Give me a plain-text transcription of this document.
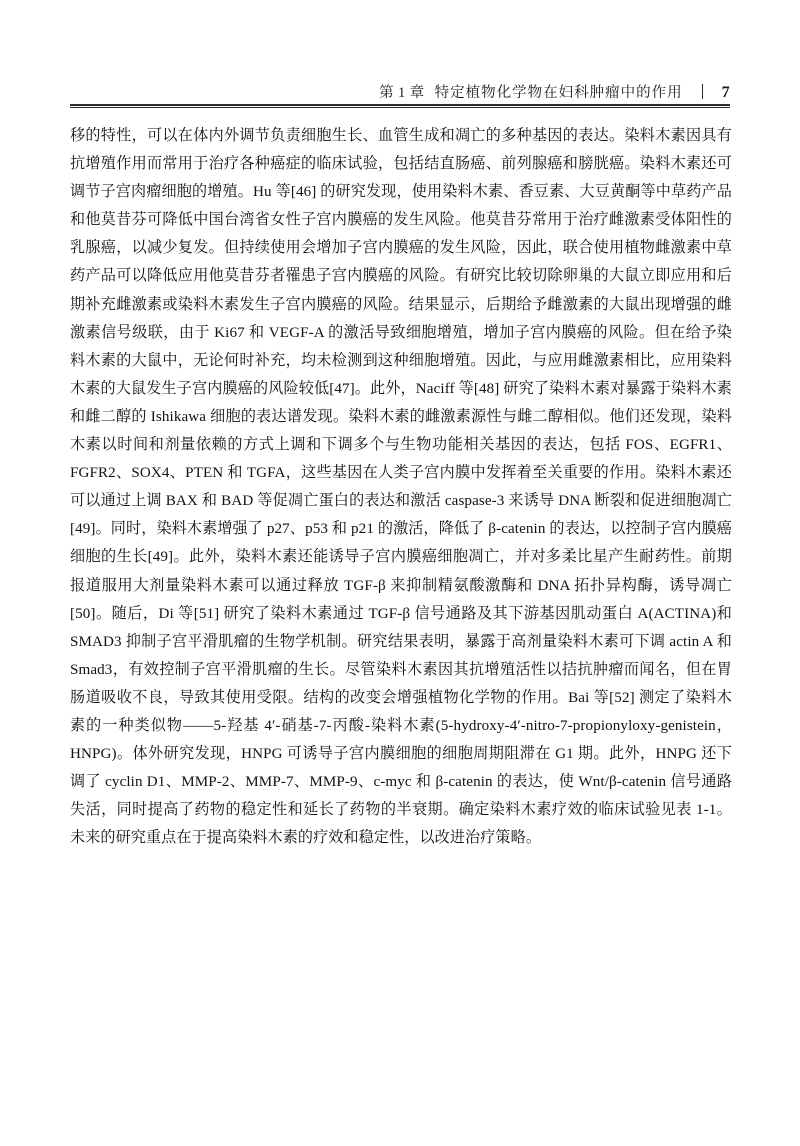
第 1 章 特定植物化学物在妇科肿瘤中的作用 7

移的特性，可以在体内外调节负责细胞生长、血管生成和凋亡的多种基因的表达。染料木素因具有抗增殖作用而常用于治疗各种癌症的临床试验，包括结直肠癌、前列腺癌和膀胱癌。染料木素还可调节子宫肉瘤细胞的增殖。Hu 等[46] 的研究发现，使用染料木素、香豆素、大豆黄酮等中草药产品和他莫昔芬可降低中国台湾省女性子宫内膜癌的发生风险。他莫昔芬常用于治疗雌激素受体阳性的乳腺癌，以减少复发。但持续使用会增加子宫内膜癌的发生风险，因此，联合使用植物雌激素中草药产品可以降低应用他莫昔芬者罹患子宫内膜癌的风险。有研究比较切除卵巢的大鼠立即应用和后期补充雌激素或染料木素发生子宫内膜癌的风险。结果显示，后期给予雌激素的大鼠出现增强的雌激素信号级联，由于 Ki67 和 VEGF-A 的激活导致细胞增殖，增加子宫内膜癌的风险。但在给予染料木素的大鼠中，无论何时补充，均未检测到这种细胞增殖。因此，与应用雌激素相比，应用染料木素的大鼠发生子宫内膜癌的风险较低[47]。此外，Naciff 等[48] 研究了染料木素对暴露于染料木素和雌二醇的 Ishikawa 细胞的表达谱发现。染料木素的雌激素源性与雌二醇相似。他们还发现，染料木素以时间和剂量依赖的方式上调和下调多个与生物功能相关基因的表达，包括 FOS、EGFR1、FGFR2、SOX4、PTEN 和 TGFA，这些基因在人类子宫内膜中发挥着至关重要的作用。染料木素还可以通过上调 BAX 和 BAD 等促凋亡蛋白的表达和激活 caspase-3 来诱导 DNA 断裂和促进细胞凋亡[49]。同时，染料木素增强了 p27、p53 和 p21 的激活，降低了 β-catenin 的表达，以控制子宫内膜癌细胞的生长[49]。此外，染料木素还能诱导子宫内膜癌细胞凋亡，并对多柔比星产生耐药性。前期报道服用大剂量染料木素可以通过释放 TGF-β 来抑制精氨酸激酶和 DNA 拓扑异构酶，诱导凋亡[50]。随后，Di 等[51] 研究了染料木素通过 TGF-β 信号通路及其下游基因肌动蛋白 A(ACTINA)和 SMAD3 抑制子宫平滑肌瘤的生物学机制。研究结果表明，暴露于高剂量染料木素可下调 actin A 和 Smad3，有效控制子宫平滑肌瘤的生长。尽管染料木素因其抗增殖活性以拮抗肿瘤而闻名，但在胃肠道吸收不良，导致其使用受限。结构的改变会增强植物化学物的作用。Bai 等[52] 测定了染料木素的一种类似物——5-羟基 4′-硝基-7-丙酸-染料木素(5-hydroxy-4′-nitro-7-propionyloxy-genistein，HNPG)。体外研究发现，HNPG 可诱导子宫内膜细胞的细胞周期阻滞在 G1 期。此外，HNPG 还下调了 cyclin D1、MMP-2、MMP-7、MMP-9、c-myc 和 β-catenin 的表达，使 Wnt/β-catenin 信号通路失活，同时提高了药物的稳定性和延长了药物的半衰期。确定染料木素疗效的临床试验见表 1-1。未来的研究重点在于提高染料木素的疗效和稳定性，以改进治疗策略。
